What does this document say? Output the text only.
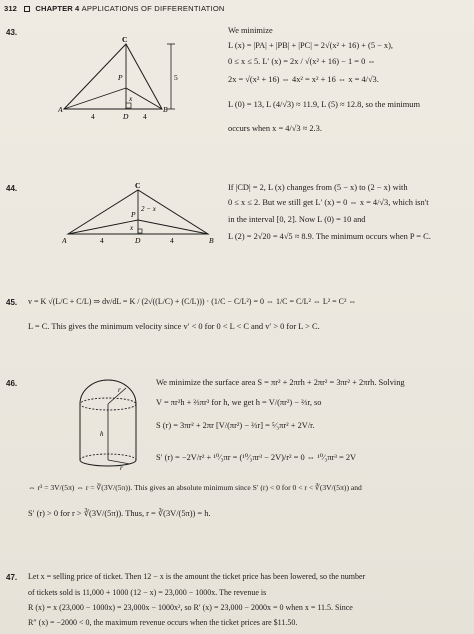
312 CHAPTER 4 APPLICATIONS OF DIFFERENTIATION
43.
C
P
A	B
D
x
4	4
5
We minimize
L (x) = |PA| + |PB| + |PC| = 2√(x² + 16) + (5 − x),
0 ≤ x ≤ 5. L′ (x) = 2x / √(x² + 16) − 1 = 0 ⇔
2x = √(x² + 16) ⇔ 4x² = x² + 16 ⇔ x = 4/√3.
L (0) = 13, L (4/√3) ≈ 11.9, L (5) ≈ 12.8, so the minimum
occurs when x = 4/√3 ≈ 2.3.
44.	C
P
A	B
D
x
2 − x
4	4
If |CD| = 2, L (x) changes from (5 − x) to (2 − x) with
0 ≤ x ≤ 2. But we still get L′ (x) = 0 ⇔ x = 4/√3, which isn't
in the interval [0, 2]. Now L (0) = 10 and
L (2) = 2√20 = 4√5 ≈ 8.9. The minimum occurs when P = C.
45. v = K √(L/C + C/L) ⇒ dv/dL = K / (2√((L/C) + (C/L))) · (1/C − C/L²) = 0 ⇔ 1/C = C/L² ⇔ L² = C² ⇔
L = C. This gives the minimum velocity since v′ < 0 for 0 < L < C and v′ > 0 for L > C.
46.
r
h
r
We minimize the surface area S = πr² + 2πrh + 2πr² = 3πr² + 2πrh. Solving
V = πr²h + ⅔πr³ for h, we get h = V/(πr²) − ⅔r, so
S (r) = 3πr² + 2πr [V/(πr²) − ⅔r] = ⁵⁄₃πr² + 2V/r.
S′ (r) = −2V/r² + ¹⁰⁄₃πr = (¹⁰⁄₃πr³ − 2V)/r² = 0 ⇔ ¹⁰⁄₃πr³ = 2V
⇔ r³ = 3V/(5π) ⇔ r = ∛(3V/(5π)). This gives an absolute minimum since S′ (r) < 0 for 0 < r < ∛(3V/(5π)) and
S′ (r) > 0 for r > ∛(3V/(5π)). Thus, r = ∛(3V/(5π)) = h.
47. Let x = selling price of ticket. Then 12 − x is the amount the ticket price has been lowered, so the number
of tickets sold is 11,000 + 1000 (12 − x) = 23,000 − 1000x. The revenue is
R (x) = x (23,000 − 1000x) = 23,000x − 1000x², so R′ (x) = 23,000 − 2000x = 0 when x = 11.5. Since
R″ (x) = −2000 < 0, the maximum revenue occurs when the ticket prices are $11.50.
